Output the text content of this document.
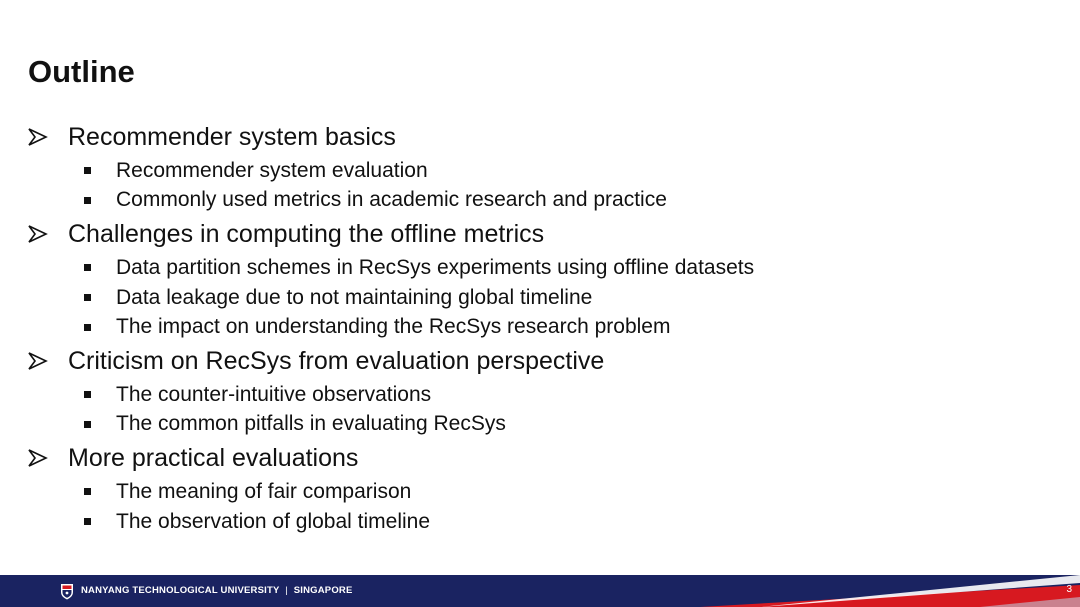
Outline
Recommender system basics
Recommender system evaluation
Commonly used metrics in academic research and practice
Challenges in computing the offline metrics
Data partition schemes in RecSys experiments using offline datasets
Data leakage due to not maintaining global timeline
The impact on understanding the RecSys research problem
Criticism on RecSys from evaluation perspective
The counter-intuitive observations
The common pitfalls in evaluating RecSys
More practical evaluations
The meaning of fair comparison
The observation of global timeline
NANYANG TECHNOLOGICAL UNIVERSITY | SINGAPORE	3
